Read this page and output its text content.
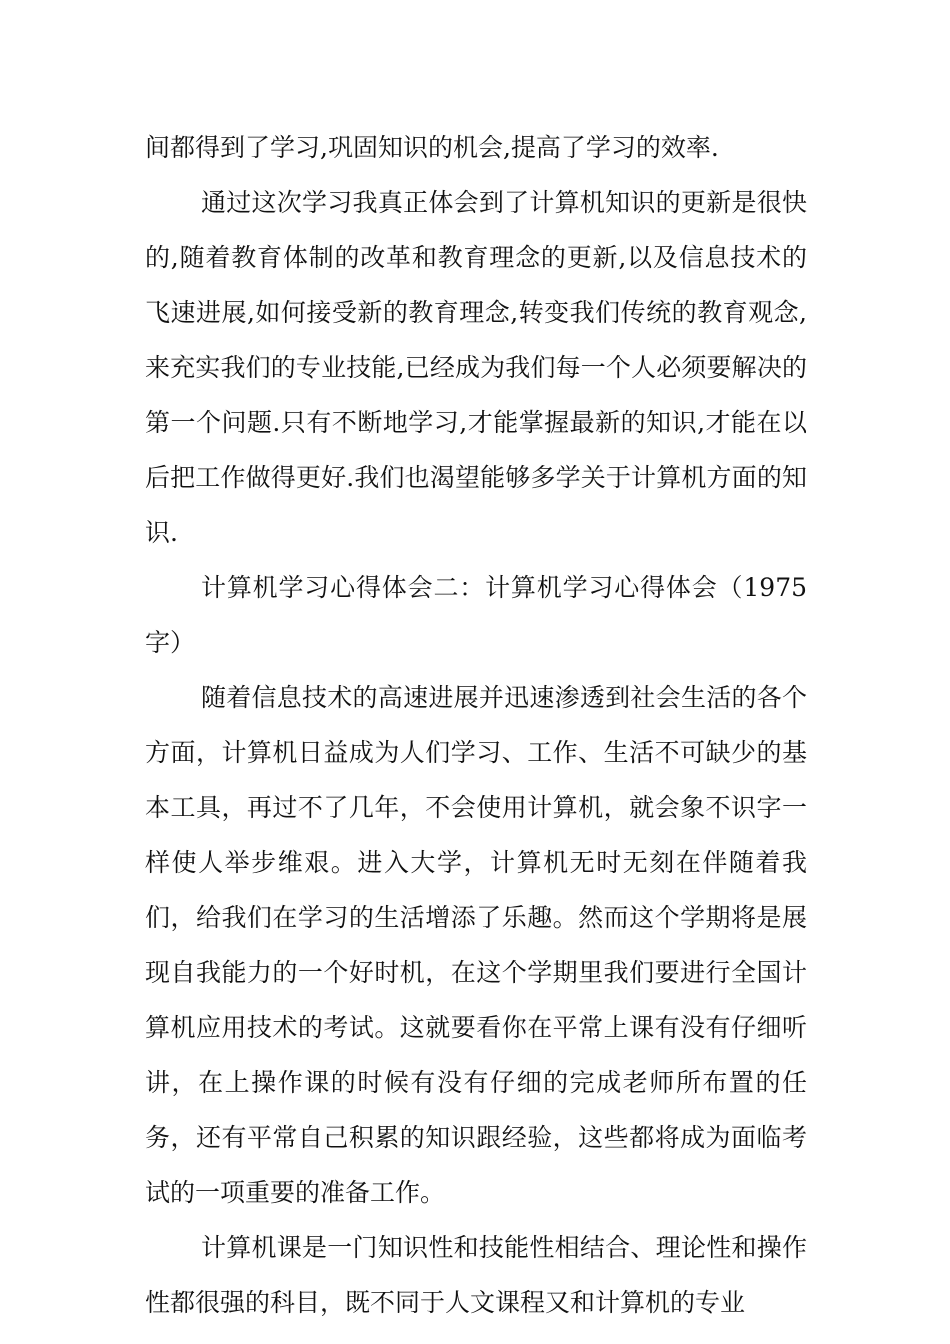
间都得到了学习,巩固知识的机会,提高了学习的效率.

通过这次学习我真正体会到了计算机知识的更新是很快的,随着教育体制的改革和教育理念的更新,以及信息技术的飞速进展,如何接受新的教育理念,转变我们传统的教育观念,来充实我们的专业技能,已经成为我们每一个人必须要解决的第一个问题.只有不断地学习,才能掌握最新的知识,才能在以后把工作做得更好.我们也渴望能够多学关于计算机方面的知识.

计算机学习心得体会二：计算机学习心得体会（1975字）

随着信息技术的高速进展并迅速渗透到社会生活的各个方面，计算机日益成为人们学习、工作、生活不可缺少的基本工具，再过不了几年，不会使用计算机，就会象不识字一样使人举步维艰。进入大学，计算机无时无刻在伴随着我们，给我们在学习的生活增添了乐趣。然而这个学期将是展现自我能力的一个好时机，在这个学期里我们要进行全国计算机应用技术的考试。这就要看你在平常上课有没有仔细听讲，在上操作课的时候有没有仔细的完成老师所布置的任务，还有平常自己积累的知识跟经验，这些都将成为面临考试的一项重要的准备工作。

计算机课是一门知识性和技能性相结合、理论性和操作性都很强的科目，既不同于人文课程又和计算机的专业
